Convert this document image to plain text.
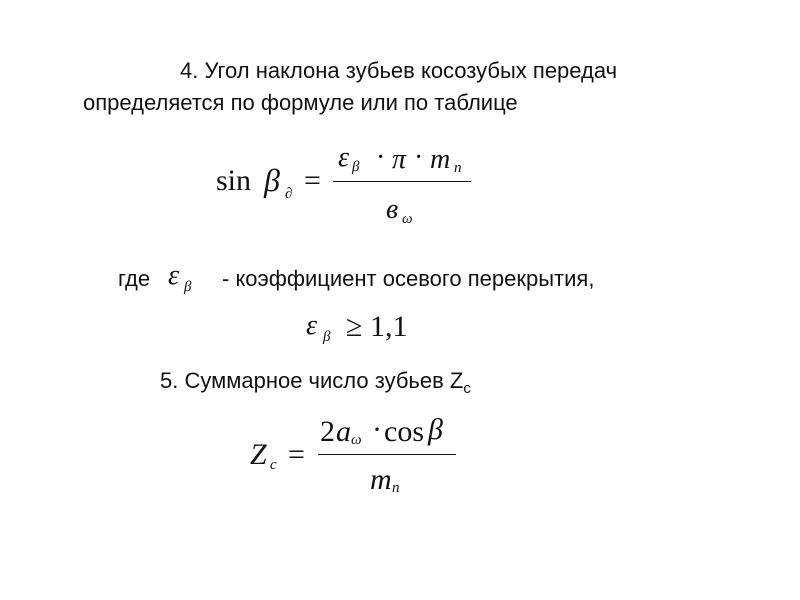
4. Угол наклона зубьев косозубых передач
определяется по формуле или по таблице
sin β ∂ =
ε β · π · m n
в ω
где ε β - коэффициент осевого перекрытия,
ε β ≥ 1,1
5. Суммарное число зубьев $Z_c$
Z c =
2 a ω · cos β
m n
